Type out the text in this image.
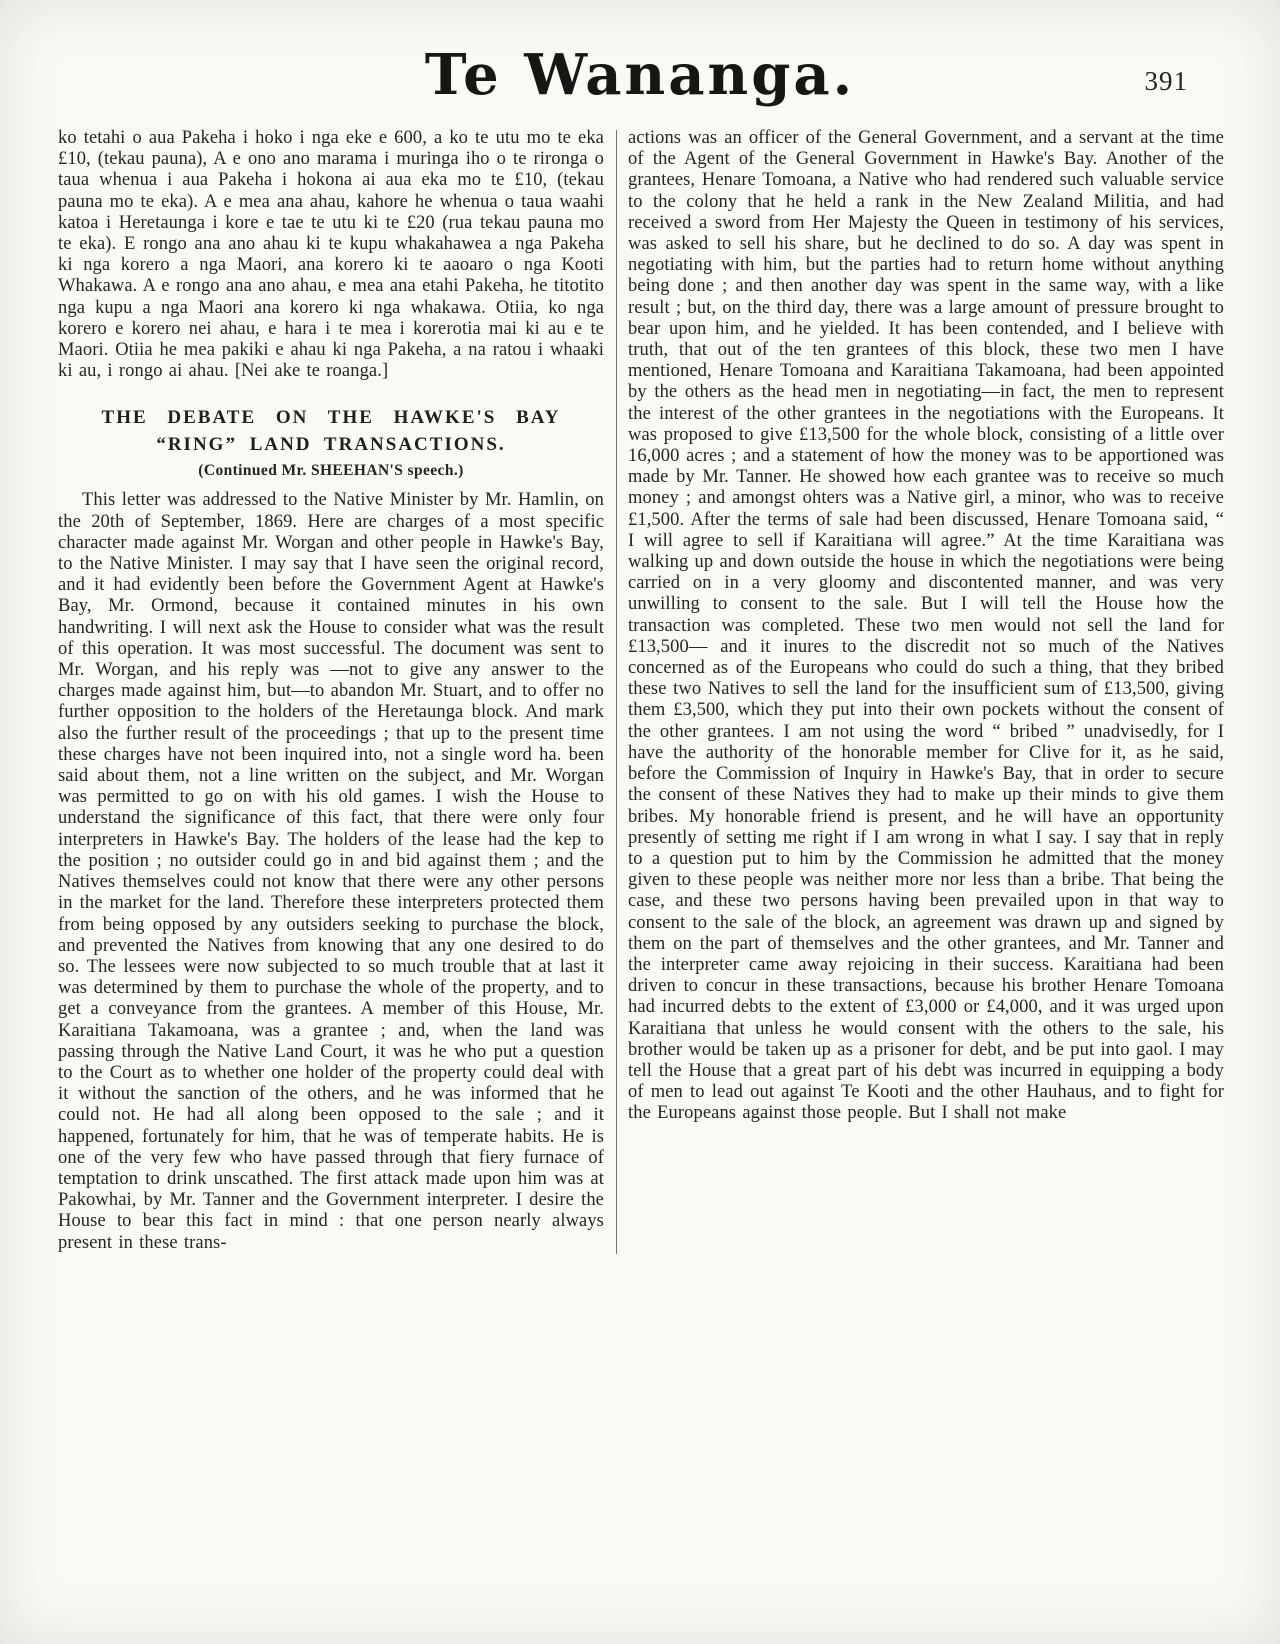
Te Wananga.	391

ko tetahi o aua Pakeha i hoko i nga eke e 600, a ko te utu mo te eka £10, (tekau pauna), A e ono ano marama i muringa iho o te rironga o taua whenua i aua Pakeha i hokona ai aua eka mo te £10, (tekau pauna mo te eka). A e mea ana ahau, kahore he whenua o taua waahi katoa i Heretaunga i kore e tae te utu ki te £20 (rua tekau pauna mo te eka). E rongo ana ano ahau ki te kupu whakahawea a nga Pakeha ki nga korero a nga Maori, ana korero ki te aaoaro o nga Kooti Whakawa. A e rongo ana ano ahau, e mea ana etahi Pakeha, he titotito nga kupu a nga Maori ana korero ki nga whakawa. Otiia, ko nga korero e korero nei ahau, e hara i te mea i korerotia mai ki au e te Maori. Otiia he mea pakiki e ahau ki nga Pakeha, a na ratou i whaaki ki au, i rongo ai ahau. [Nei ake te roanga.]

THE DEBATE ON THE HAWKE'S BAY
“RING” LAND TRANSACTIONS.
(Continued Mr. SHEEHAN'S speech.)

This letter was addressed to the Native Minister by Mr. Hamlin, on the 20th of September, 1869. Here are charges of a most specific character made against Mr. Worgan and other people in Hawke's Bay, to the Native Minister. I may say that I have seen the original record, and it had evidently been before the Government Agent at Hawke's Bay, Mr. Ormond, because it contained minutes in his own handwriting. I will next ask the House to consider what was the result of this operation. It was most successful. The document was sent to Mr. Worgan, and his reply was —not to give any answer to the charges made against him, but—to abandon Mr. Stuart, and to offer no further opposition to the holders of the Heretaunga block. And mark also the further result of the proceedings ; that up to the present time these charges have not been inquired into, not a single word ha. been said about them, not a line written on the subject, and Mr. Worgan was permitted to go on with his old games. I wish the House to understand the significance of this fact, that there were only four interpreters in Hawke's Bay. The holders of the lease had the kep to the position ; no outsider could go in and bid against them ; and the Natives themselves could not know that there were any other persons in the market for the land. Therefore these interpreters protected them from being opposed by any outsiders seeking to purchase the block, and prevented the Natives from knowing that any one desired to do so. The lessees were now subjected to so much trouble that at last it was determined by them to purchase the whole of the property, and to get a conveyance from the grantees. A member of this House, Mr. Karaitiana Takamoana, was a grantee ; and, when the land was passing through the Native Land Court, it was he who put a question to the Court as to whether one holder of the property could deal with it without the sanction of the others, and he was informed that he could not. He had all along been opposed to the sale ; and it happened, fortunately for him, that he was of temperate habits. He is one of the very few who have passed through that fiery furnace of temptation to drink unscathed. The first attack made upon him was at Pakowhai, by Mr. Tanner and the Government interpreter. I desire the House to bear this fact in mind : that one person nearly always present in these trans-

actions was an officer of the General Government, and a servant at the time of the Agent of the General Government in Hawke's Bay. Another of the grantees, Henare Tomoana, a Native who had rendered such valuable service to the colony that he held a rank in the New Zealand Militia, and had received a sword from Her Majesty the Queen in testimony of his services, was asked to sell his share, but he declined to do so. A day was spent in negotiating with him, but the parties had to return home without anything being done ; and then another day was spent in the same way, with a like result ; but, on the third day, there was a large amount of pressure brought to bear upon him, and he yielded. It has been contended, and I believe with truth, that out of the ten grantees of this block, these two men I have mentioned, Henare Tomoana and Karaitiana Takamoana, had been appointed by the others as the head men in negotiating—in fact, the men to represent the interest of the other grantees in the negotiations with the Europeans. It was proposed to give £13,500 for the whole block, consisting of a little over 16,000 acres ; and a statement of how the money was to be apportioned was made by Mr. Tanner. He showed how each grantee was to receive so much money ; and amongst ohters was a Native girl, a minor, who was to receive £1,500. After the terms of sale had been discussed, Henare Tomoana said, “ I will agree to sell if Karaitiana will agree.” At the time Karaitiana was walking up and down outside the house in which the negotiations were being carried on in a very gloomy and discontented manner, and was very unwilling to consent to the sale. But I will tell the House how the transaction was completed. These two men would not sell the land for £13,500— and it inures to the discredit not so much of the Natives concerned as of the Europeans who could do such a thing, that they bribed these two Natives to sell the land for the insufficient sum of £13,500, giving them £3,500, which they put into their own pockets without the consent of the other grantees. I am not using the word “ bribed ” unadvisedly, for I have the authority of the honorable member for Clive for it, as he said, before the Commission of Inquiry in Hawke's Bay, that in order to secure the consent of these Natives they had to make up their minds to give them bribes. My honorable friend is present, and he will have an opportunity presently of setting me right if I am wrong in what I say. I say that in reply to a question put to him by the Commission he admitted that the money given to these people was neither more nor less than a bribe. That being the case, and these two persons having been prevailed upon in that way to consent to the sale of the block, an agreement was drawn up and signed by them on the part of themselves and the other grantees, and Mr. Tanner and the interpreter came away rejoicing in their success. Karaitiana had been driven to concur in these transactions, because his brother Henare Tomoana had incurred debts to the extent of £3,000 or £4,000, and it was urged upon Karaitiana that unless he would consent with the others to the sale, his brother would be taken up as a prisoner for debt, and be put into gaol. I may tell the House that a great part of his debt was incurred in equipping a body of men to lead out against Te Kooti and the other Hauhaus, and to fight for the Europeans against those people. But I shall not make
